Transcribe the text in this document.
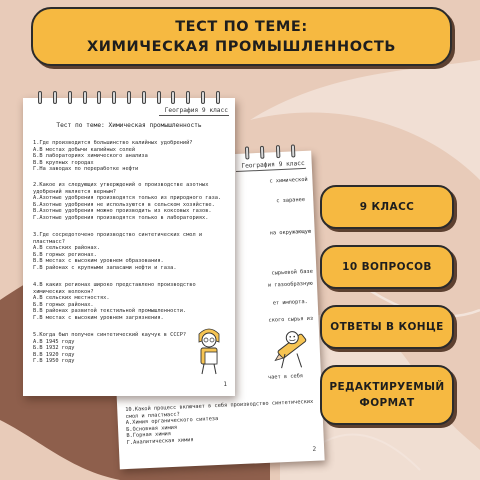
ТЕСТ ПО ТЕМЕ:
ХИМИЧЕСКАЯ ПРОМЫШЛЕННОСТЬ
География 9 класс
с химической
с заранее
на окружающую
сырьевой базе
и газообразную
ет импорта.
ского сырья из
чает в себя
10.Какой процесс включает в себя производство синтетических
смол и пластмасс?
А.Химия органического синтеза
Б.Основная химия
В.Горная химия
Г.Аналитическая химия
2
География 9 класс
Тест по теме: Химическая промышленность
1.Где производится большинство калийных удобрений?
А.В местах добычи калийных солей
Б.В лабораториях химического анализа
В.В крупных городах
Г.На заводах по переработке нефти
2.Какое из следующих утверждений о производстве азотных
удобрений является верным?
А.Азотные удобрения производятся только из природного газа.
Б.Азотные удобрения не используются в сельском хозяйстве.
В.Азотные удобрения можно производить из коксовых газов.
Г.Азотные удобрения производятся только в лабораториях.
3.Где сосредоточено производство синтетических смол и
пластмасс?
А.В сельских районах.
Б.В горных регионах.
В.В местах с высоким уровнем образования.
Г.В районах с крупными запасами нефти и газа.
4.В каких регионах широко представлено производство
химических волокон?
А.В сельских местностях.
Б.В горных районах.
В.В районах развитой текстильной промышленности.
Г.В местах с высоким уровнем загрязнения.
5.Когда был получен синтетический каучук в СССР?
А.В 1945 году
Б.В 1932 году
В.В 1920 году
Г.В 1950 году
1
9 КЛАСС
10 ВОПРОСОВ
ОТВЕТЫ В КОНЦЕ
РЕДАКТИРУЕМЫЙ
ФОРМАТ
